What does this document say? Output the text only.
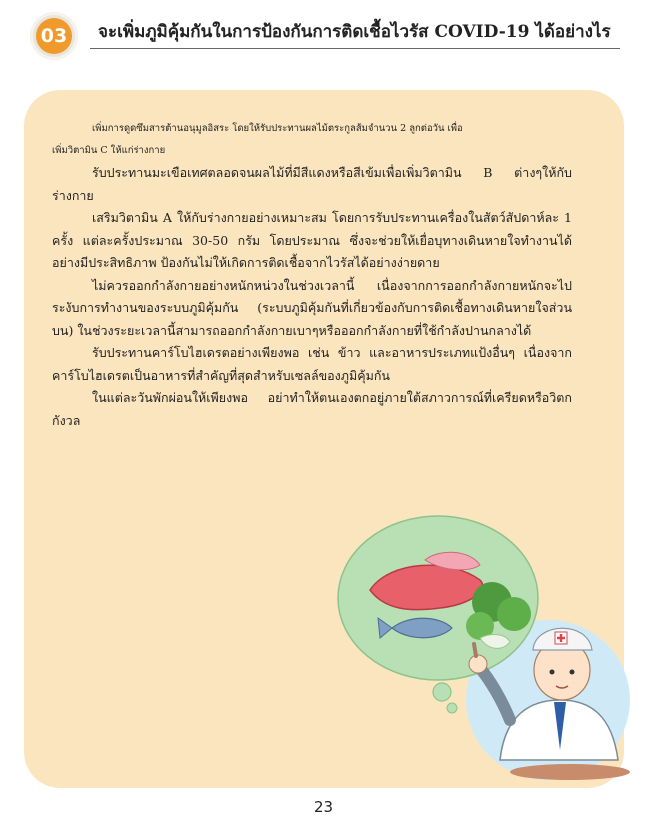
03 จะเพิ่มภูมิคุ้มกันในการป้องกันการติดเชื้อไวรัส COVID-19 ได้อย่างไร

เพิ่มการดูดซึมสารต้านอนุมูลอิสระ โดยให้รับประทานผลไม้ตระกูลส้มจำนวน 2 ลูกต่อวัน เพื่อ

เพิ่มวิตามิน C ให้แก่ร่างกาย

รับประทานมะเขือเทศตลอดจนผลไม้ที่มีสีแดงหรือสีเข้มเพื่อเพิ่มวิตามิน B ต่างๆให้กับร่างกาย

เสริมวิตามิน A ให้กับร่างกายอย่างเหมาะสม โดยการรับประทานเครื่องในสัตว์สัปดาห์ละ 1 ครั้ง แต่ละครั้งประมาณ 30-50 กรัม โดยประมาณ ซึ่งจะช่วยให้เยื่อบุทางเดินหายใจทำงานได้อย่างมีประสิทธิภาพ ป้องกันไม่ให้เกิดการติดเชื้อจากไวรัสได้อย่างง่ายดาย

ไม่ควรออกกำลังกายอย่างหนักหน่วงในช่วงเวลานี้ เนื่องจากการออกกำลังกายหนักจะไประงับการทำงานของระบบภูมิคุ้มกัน (ระบบภูมิคุ้มกันที่เกี่ยวข้องกับการติดเชื้อทางเดินหายใจส่วนบน) ในช่วงระยะเวลานี้สามารถออกกำลังกายเบาๆหรือออกกำลังกายที่ใช้กำลังปานกลางได้

รับประทานคาร์โบไฮเดรตอย่างเพียงพอ เช่น ข้าว และอาหารประเภทแป้งอื่นๆ เนื่องจากคาร์โบไฮเดรตเป็นอาหารที่สำคัญที่สุดสำหรับเซลล์ของภูมิคุ้มกัน

ในแต่ละวันพักผ่อนให้เพียงพอ อย่าทำให้ตนเองตกอยู่ภายใต้สภาวการณ์ที่เครียดหรือวิตกกังวล

23
